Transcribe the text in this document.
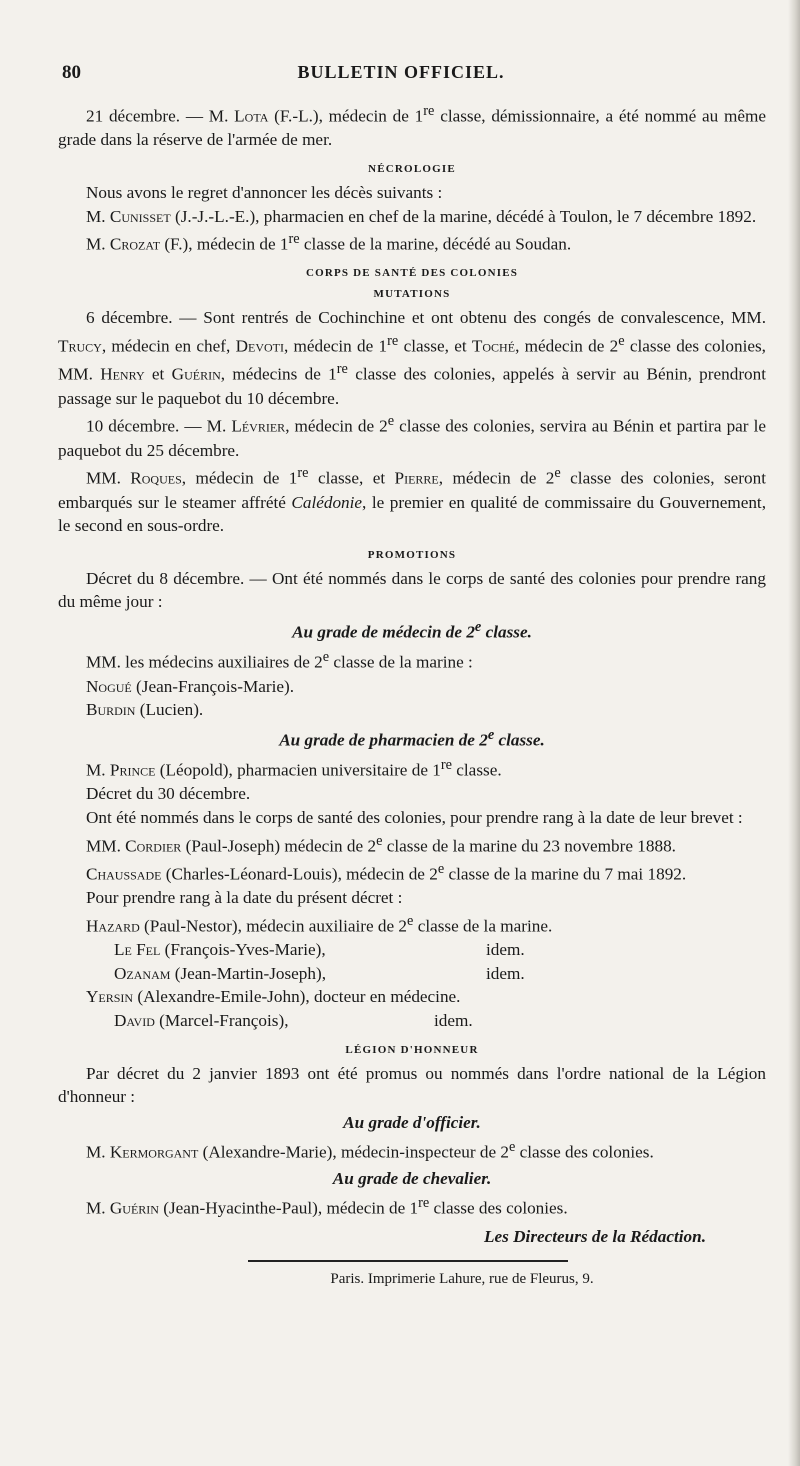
80	BULLETIN OFFICIEL.

21 décembre. — M. Lota (F.-L.), médecin de 1re classe, démissionnaire, a été nommé au même grade dans la réserve de l'armée de mer.

NÉCROLOGIE

Nous avons le regret d'annoncer les décès suivants :

M. Cunisset (J.-J.-L.-E.), pharmacien en chef de la marine, décédé à Toulon, le 7 décembre 1892.

M. Crozat (F.), médecin de 1re classe de la marine, décédé au Soudan.

CORPS DE SANTÉ DES COLONIES
MUTATIONS

6 décembre. — Sont rentrés de Cochinchine et ont obtenu des congés de convalescence, MM. Trucy, médecin en chef, Devoti, médecin de 1re classe, et Toché, médecin de 2e classe des colonies, MM. Henry et Guérin, médecins de 1re classe des colonies, appelés à servir au Bénin, prendront passage sur le paquebot du 10 décembre.

10 décembre. — M. Lévrier, médecin de 2e classe des colonies, servira au Bénin et partira par le paquebot du 25 décembre.

MM. Roques, médecin de 1re classe, et Pierre, médecin de 2e classe des colonies, seront embarqués sur le steamer affrété Calédonie, le premier en qualité de commissaire du Gouvernement, le second en sous-ordre.

PROMOTIONS

Décret du 8 décembre. — Ont été nommés dans le corps de santé des colonies pour prendre rang du même jour :

Au grade de médecin de 2e classe.

MM. les médecins auxiliaires de 2e classe de la marine :

Nogué (Jean-François-Marie).

Burdin (Lucien).

Au grade de pharmacien de 2e classe.

M. Prince (Léopold), pharmacien universitaire de 1re classe.

Décret du 30 décembre.

Ont été nommés dans le corps de santé des colonies, pour prendre rang à la date de leur brevet :

MM. Cordier (Paul-Joseph) médecin de 2e classe de la marine du 23 novembre 1888.

Chaussade (Charles-Léonard-Louis), médecin de 2e classe de la marine du 7 mai 1892.

Pour prendre rang à la date du présent décret :

Hazard (Paul-Nestor), médecin auxiliaire de 2e classe de la marine.

Le Fel (François-Yves-Marie),	idem.

Ozanam (Jean-Martin-Joseph),	idem.

Yersin (Alexandre-Emile-John), docteur en médecine.

David (Marcel-François),	idem.

LÉGION D'HONNEUR

Par décret du 2 janvier 1893 ont été promus ou nommés dans l'ordre national de la Légion d'honneur :

Au grade d'officier.

M. Kermorgant (Alexandre-Marie), médecin-inspecteur de 2e classe des colonies.

Au grade de chevalier.

M. Guérin (Jean-Hyacinthe-Paul), médecin de 1re classe des colonies.

Les Directeurs de la Rédaction.
Paris. Imprimerie Lahure, rue de Fleurus, 9.
